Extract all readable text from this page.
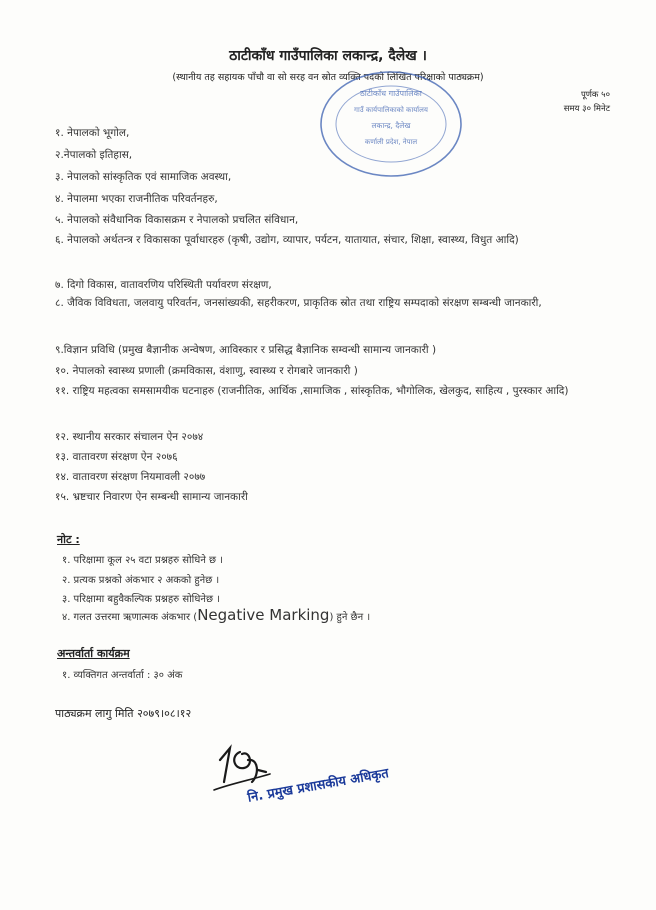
ठाटीकाँध गाउँपालिका लकान्द्र, दैलेख ।
(स्थानीय तह सहायक पाँचौ वा सो सरह वन स्रोत व्यक्ति पदको लिखित परिक्षाको पाठ्यक्रम)
पूर्णक ५०
समय ३० मिनेट
ठाटीकाँध गाउँपालिका
गाउँ कार्यपालिकाको कार्यालय
लकान्द्र, दैलेख
कर्णाली प्रदेश, नेपाल
१. नेपालको भूगोल,
२.नेपालको इतिहास,
३. नेपालको सांस्कृतिक एवं सामाजिक अवस्था,
४. नेपालमा भएका राजनीतिक परिवर्तनहरु,
५. नेपालको संवैधानिक विकासक्रम र नेपालको प्रचलित संविधान,
६. नेपालको अर्थतन्त्र र विकासका पूर्वाधारहरु (कृषी, उद्योग, व्यापार, पर्यटन, यातायात, संचार, शिक्षा, स्वास्थ्य, विधुत आदि)
७. दिगो विकास, वातावरणिय परिस्थिती पर्यावरण संरक्षण,
८. जैविक विविधता, जलवायु परिवर्तन, जनसांख्यकी, सहरीकरण, प्राकृतिक स्रोत तथा राष्ट्रिय सम्पदाको संरक्षण सम्बन्धी जानकारी,
९.विज्ञान प्रविधि (प्रमुख बैज्ञानीक अन्वेषण, आविस्कार र प्रसिद्ध बैज्ञानिक सम्वन्धी सामान्य जानकारी )
१०. नेपालको स्वास्थ्य प्रणाली (क्रमविकास, वंशाणु, स्वास्थ्य र रोगबारे जानकारी )
११. राष्ट्रिय महत्वका समसामयीक घटनाहरु (राजनीतिक, आर्थिक ,सामाजिक , सांस्कृतिक, भौगोलिक, खेलकुद, साहित्य , पुरस्कार आदि)
१२. स्थानीय सरकार संचालन ऐन २०७४
१३. वातावरण संरक्षण ऐन २०७६
१४. वातावरण संरक्षण नियमावली २०७७
१५. भ्रष्टचार निवारण ऐन सम्बन्धी सामान्य जानकारी
नोट :
१. परिक्षामा कूल २५ वटा प्रश्नहरु सोधिने छ ।
२. प्रत्यक प्रश्नको अंकभार २ अकको हुनेछ ।
३. परिक्षामा बहुवैकल्पिक प्रश्नहरु सोधिनेछ ।
४. गलत उत्तरमा ऋणात्मक अंकभार (Negative Marking) हुने छैन ।
अन्तर्वार्ता कार्यक्रम
१. व्यक्तिगत अन्तर्वार्ता : ३० अंक
पाठ्यक्रम लागु मिति २०७९।०८।१२
नि. प्रमुख प्रशासकीय अधिकृत
